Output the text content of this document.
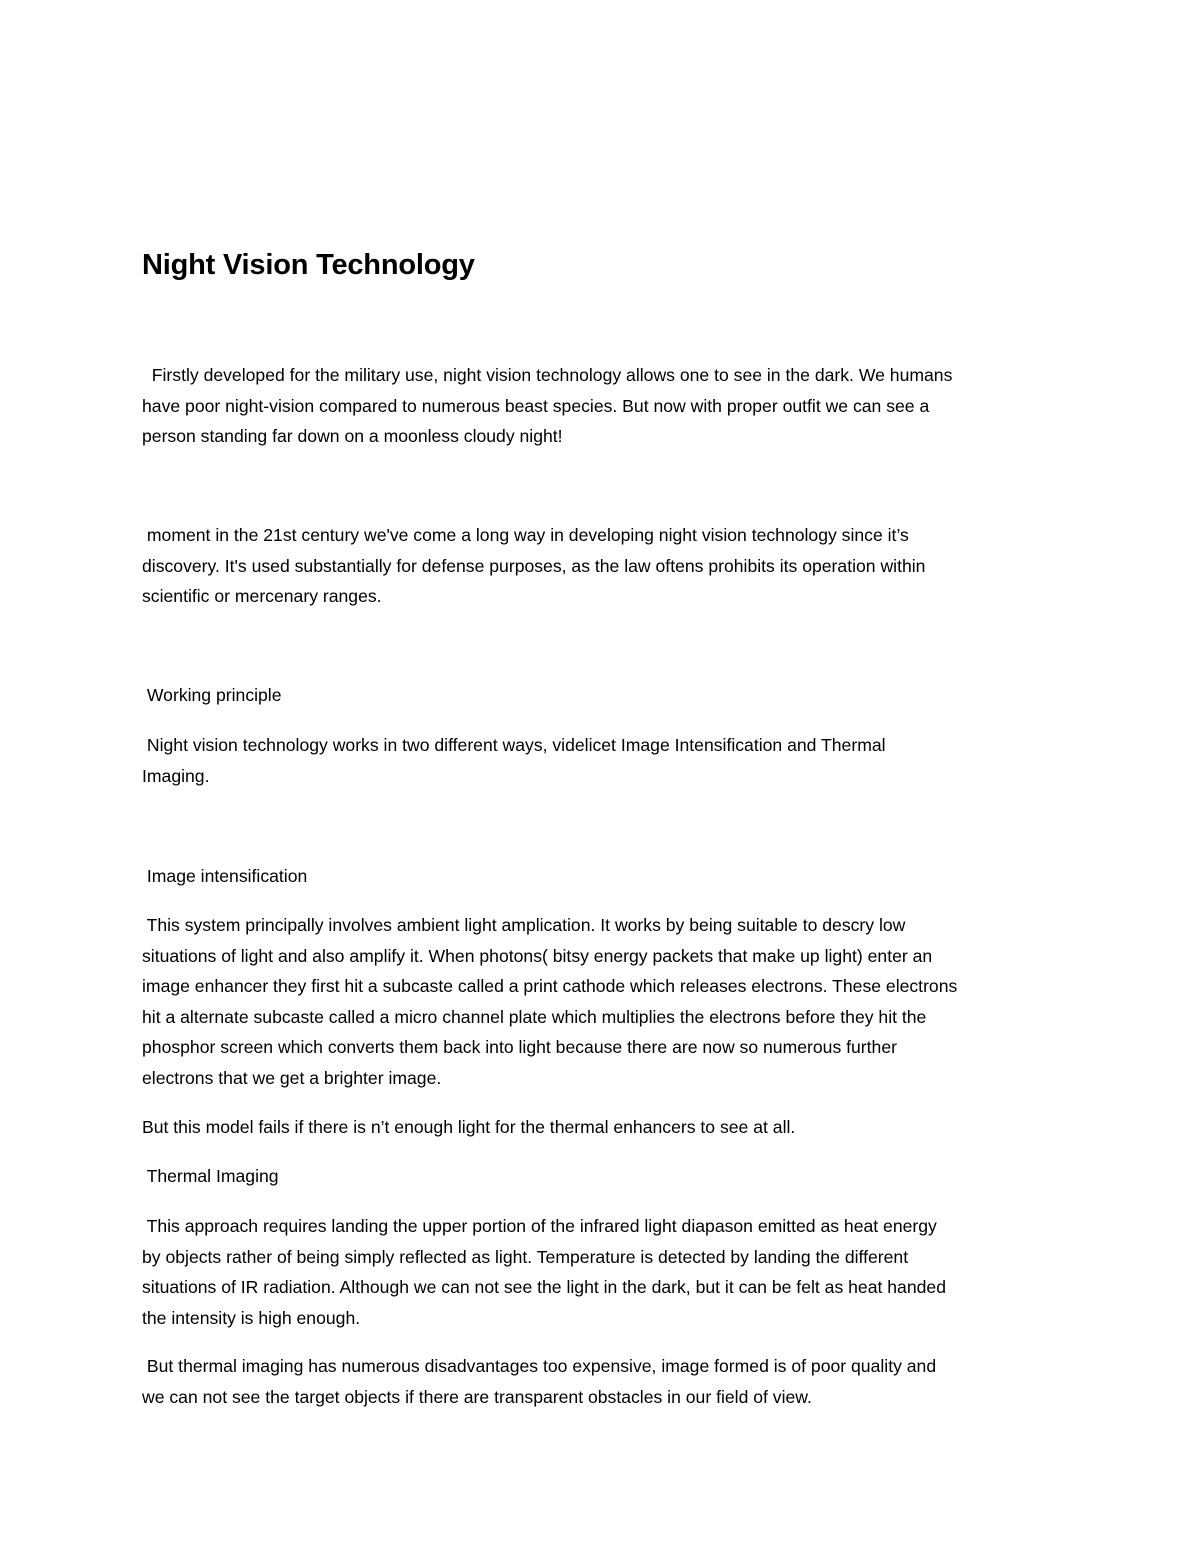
Night Vision Technology

Firstly developed for the military use, night vision technology allows one to see in the dark. We humans
have poor night-vision compared to numerous beast species. But now with proper outfit we can see a
person standing far down on a moonless cloudy night!

moment in the 21st century we've come a long way in developing night vision technology since it’s
discovery. It's used substantially for defense purposes, as the law oftens prohibits its operation within
scientific or mercenary ranges.

Working principle

Night vision technology works in two different ways, videlicet Image Intensification and Thermal
Imaging.

Image intensification

This system principally involves ambient light amplication. It works by being suitable to descry low
situations of light and also amplify it. When photons( bitsy energy packets that make up light) enter an
image enhancer they first hit a subcaste called a print cathode which releases electrons. These electrons
hit a alternate subcaste called a micro channel plate which multiplies the electrons before they hit the
phosphor screen which converts them back into light because there are now so numerous further
electrons that we get a brighter image.

But this model fails if there is n’t enough light for the thermal enhancers to see at all.

Thermal Imaging

This approach requires landing the upper portion of the infrared light diapason emitted as heat energy
by objects rather of being simply reflected as light. Temperature is detected by landing the different
situations of IR radiation. Although we can not see the light in the dark, but it can be felt as heat handed
the intensity is high enough.

But thermal imaging has numerous disadvantages too expensive, image formed is of poor quality and
we can not see the target objects if there are transparent obstacles in our field of view.
